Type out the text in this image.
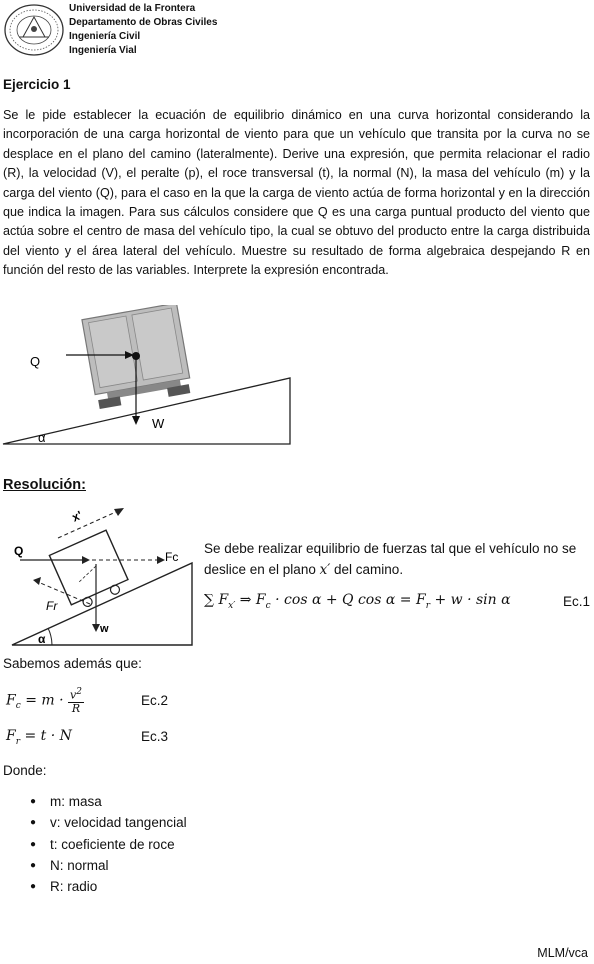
Universidad de la Frontera
Departamento de Obras Civiles
Ingeniería Civil
Ingeniería Vial
Ejercicio 1

Se le pide establecer la ecuación de equilibrio dinámico en una curva horizontal considerando la incorporación de una carga horizontal de viento para que un vehículo que transita por la curva no se desplace en el plano del camino (lateralmente). Derive una expresión, que permita relacionar el radio (R), la velocidad (V), el peralte (p), el roce transversal (t), la normal (N), la masa del vehículo (m) y la carga del viento (Q), para el caso en la que la carga de viento actúa de forma horizontal y en la dirección que indica la imagen. Para sus cálculos considere que Q es una carga puntual producto del viento que actúa sobre el centro de masa del vehículo tipo, la cual se obtuvo del producto entre la carga distribuida del viento y el área lateral del vehículo. Muestre su resultado de forma algebraica despejando R en función del resto de las variables. Interprete la expresión encontrada.

Q
W
α
Resolución:
x'
Q	Fc
Fr
w
α

Se debe realizar equilibrio de fuerzas tal que el vehículo no se deslice en el plano x′ del camino.

∑ $F_{x'}$ ⇒ $F_c \cdot \cos \alpha + Q$ $\cos \alpha = F_r + w \cdot \sin \alpha$	Ec.1
Sabemos además que:
$F_c = m \cdot \frac{v^2}{R}$	Ec.2
$F_r = t \cdot N$	Ec.3
Donde:
● m: masa
● v: velocidad tangencial
● t: coeficiente de roce
● N: normal
● R: radio
MLM/vca
